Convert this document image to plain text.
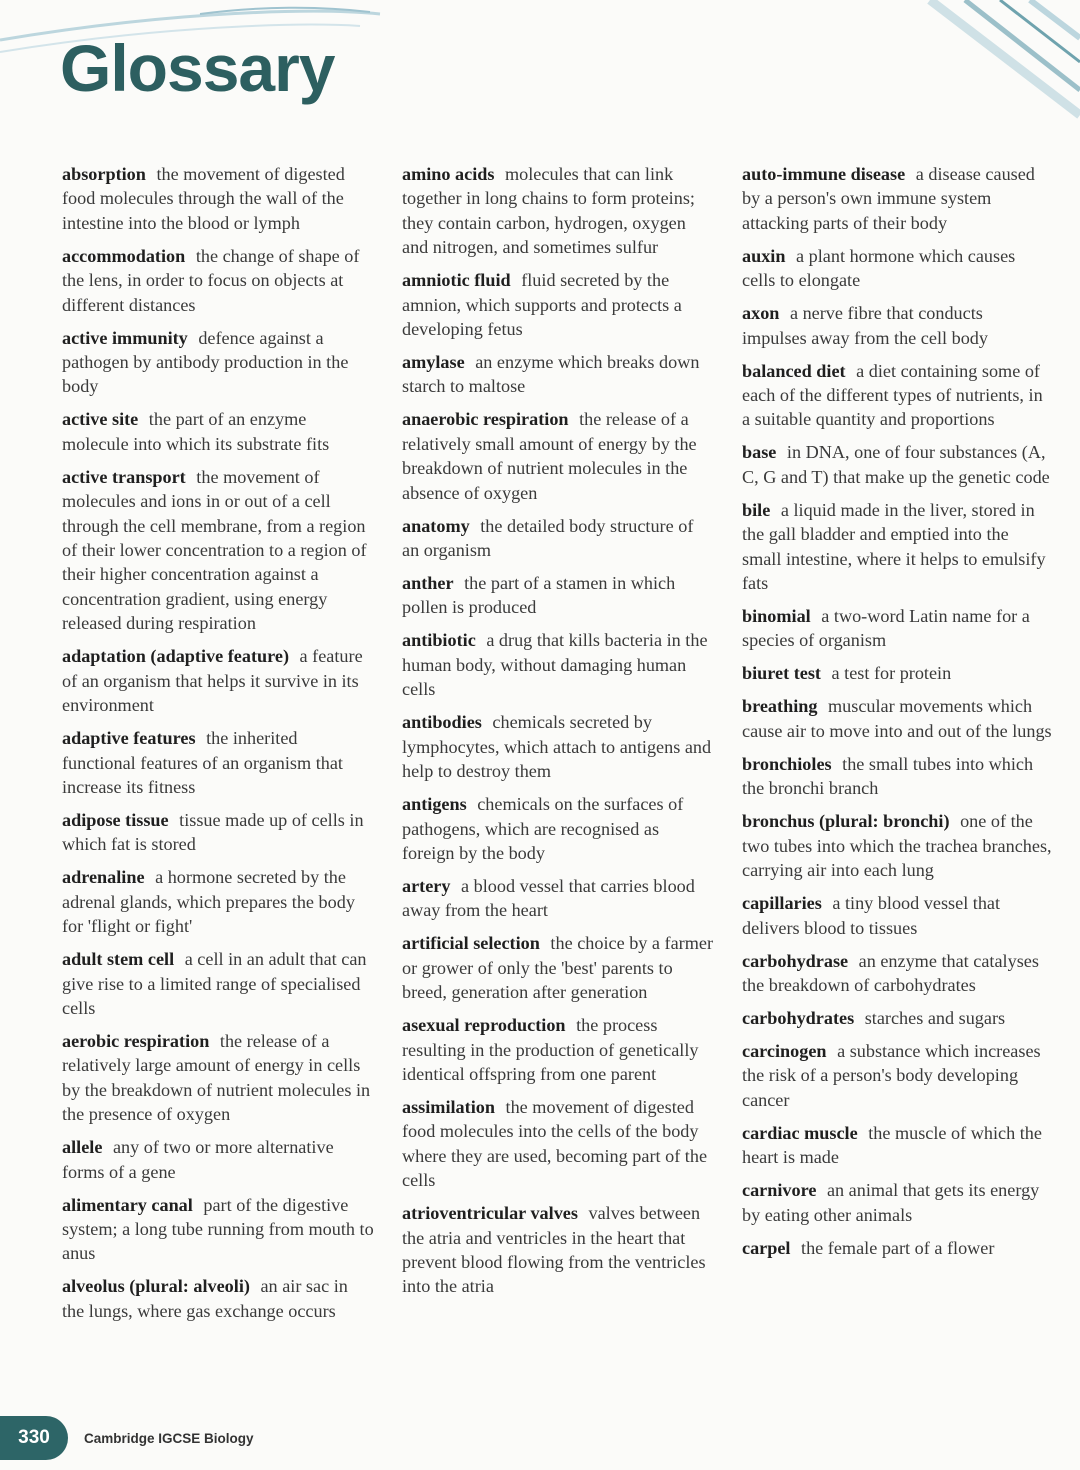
Glossary

absorption the movement of digested food molecules through the wall of the intestine into the blood or lymph

accommodation the change of shape of the lens, in order to focus on objects at different distances

active immunity defence against a pathogen by antibody production in the body

active site the part of an enzyme molecule into which its substrate fits

active transport the movement of molecules and ions in or out of a cell through the cell membrane, from a region of their lower concentration to a region of their higher concentration against a concentration gradient, using energy released during respiration

adaptation (adaptive feature) a feature of an organism that helps it survive in its environment

adaptive features the inherited functional features of an organism that increase its fitness

adipose tissue tissue made up of cells in which fat is stored

adrenaline a hormone secreted by the adrenal glands, which prepares the body for 'flight or fight'

adult stem cell a cell in an adult that can give rise to a limited range of specialised cells

aerobic respiration the release of a relatively large amount of energy in cells by the breakdown of nutrient molecules in the presence of oxygen

allele any of two or more alternative forms of a gene

alimentary canal part of the digestive system; a long tube running from mouth to anus

alveolus (plural: alveoli) an air sac in the lungs, where gas exchange occurs

amino acids molecules that can link together in long chains to form proteins; they contain carbon, hydrogen, oxygen and nitrogen, and sometimes sulfur

amniotic fluid fluid secreted by the amnion, which supports and protects a developing fetus

amylase an enzyme which breaks down starch to maltose

anaerobic respiration the release of a relatively small amount of energy by the breakdown of nutrient molecules in the absence of oxygen

anatomy the detailed body structure of an organism

anther the part of a stamen in which pollen is produced

antibiotic a drug that kills bacteria in the human body, without damaging human cells

antibodies chemicals secreted by lymphocytes, which attach to antigens and help to destroy them

antigens chemicals on the surfaces of pathogens, which are recognised as foreign by the body

artery a blood vessel that carries blood away from the heart

artificial selection the choice by a farmer or grower of only the 'best' parents to breed, generation after generation

asexual reproduction the process resulting in the production of genetically identical offspring from one parent

assimilation the movement of digested food molecules into the cells of the body where they are used, becoming part of the cells

atrioventricular valves valves between the atria and ventricles in the heart that prevent blood flowing from the ventricles into the atria

auto-immune disease a disease caused by a person's own immune system attacking parts of their body

auxin a plant hormone which causes cells to elongate

axon a nerve fibre that conducts impulses away from the cell body

balanced diet a diet containing some of each of the different types of nutrients, in a suitable quantity and proportions

base in DNA, one of four substances (A, C, G and T) that make up the genetic code

bile a liquid made in the liver, stored in the gall bladder and emptied into the small intestine, where it helps to emulsify fats

binomial a two-word Latin name for a species of organism

biuret test a test for protein

breathing muscular movements which cause air to move into and out of the lungs

bronchioles the small tubes into which the bronchi branch

bronchus (plural: bronchi) one of the two tubes into which the trachea branches, carrying air into each lung

capillaries a tiny blood vessel that delivers blood to tissues

carbohydrase an enzyme that catalyses the breakdown of carbohydrates

carbohydrates starches and sugars

carcinogen a substance which increases the risk of a person's body developing cancer

cardiac muscle the muscle of which the heart is made

carnivore an animal that gets its energy by eating other animals

carpel the female part of a flower

330	Cambridge IGCSE Biology
